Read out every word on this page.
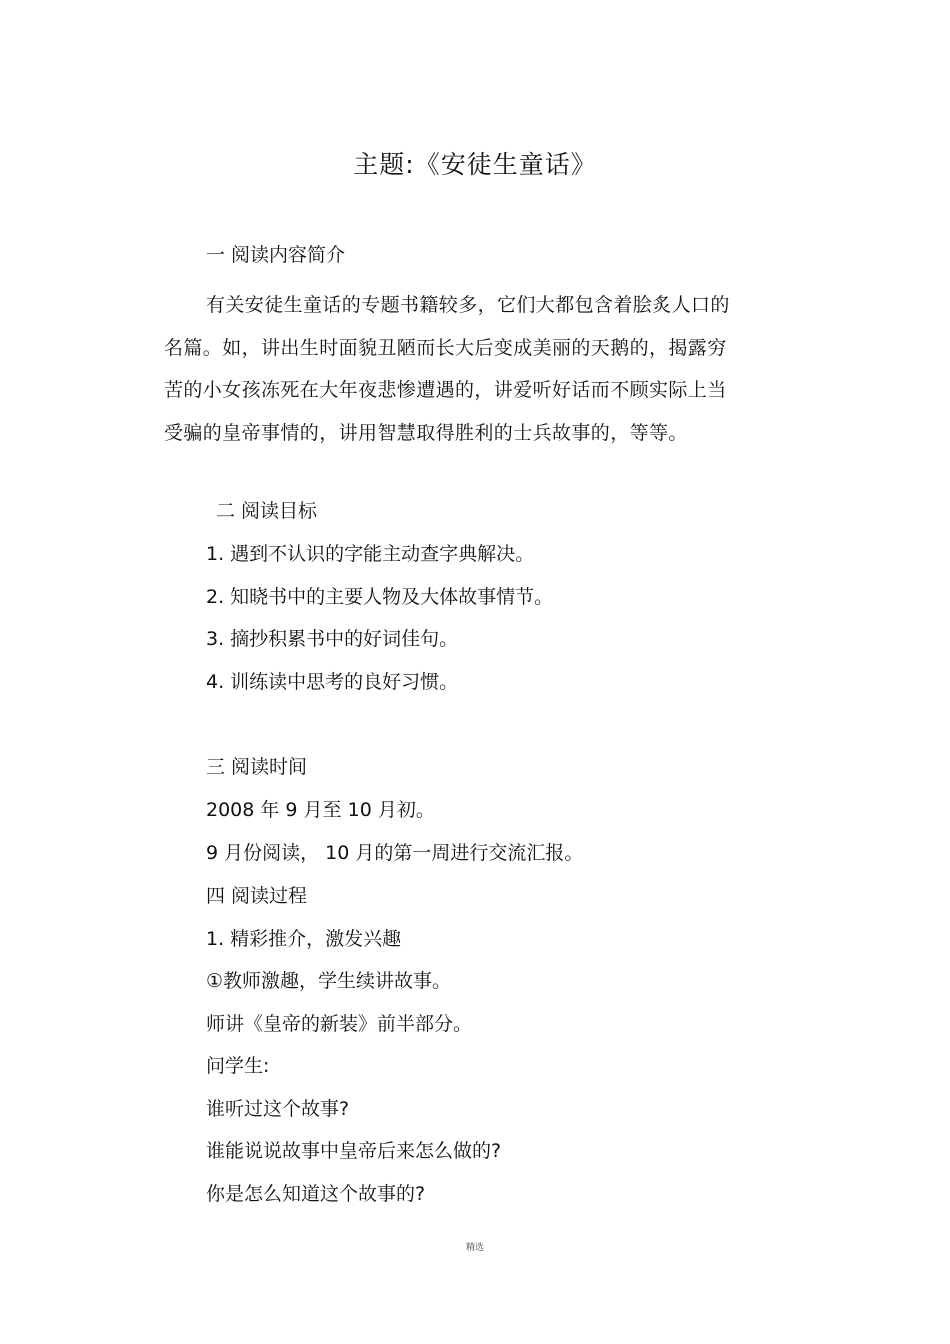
主题:《安徒生童话》
一 阅读内容简介
有关安徒生童话的专题书籍较多，它们大都包含着脍炙人口的名篇。如，讲出生时面貌丑陋而长大后变成美丽的天鹅的，揭露穷苦的小女孩冻死在大年夜悲惨遭遇的，讲爱听好话而不顾实际上当受骗的皇帝事情的，讲用智慧取得胜利的士兵故事的，等等。
二 阅读目标
1. 遇到不认识的字能主动查字典解决。
2. 知晓书中的主要人物及大体故事情节。
3. 摘抄积累书中的好词佳句。
4. 训练读中思考的良好习惯。
三 阅读时间
2008 年 9 月至 10 月初。
9 月份阅读， 10 月的第一周进行交流汇报。
四 阅读过程
1. 精彩推介，激发兴趣
①教师激趣，学生续讲故事。
师讲《皇帝的新装》前半部分。
问学生:
谁听过这个故事?
谁能说说故事中皇帝后来怎么做的?
你是怎么知道这个故事的?
精选
